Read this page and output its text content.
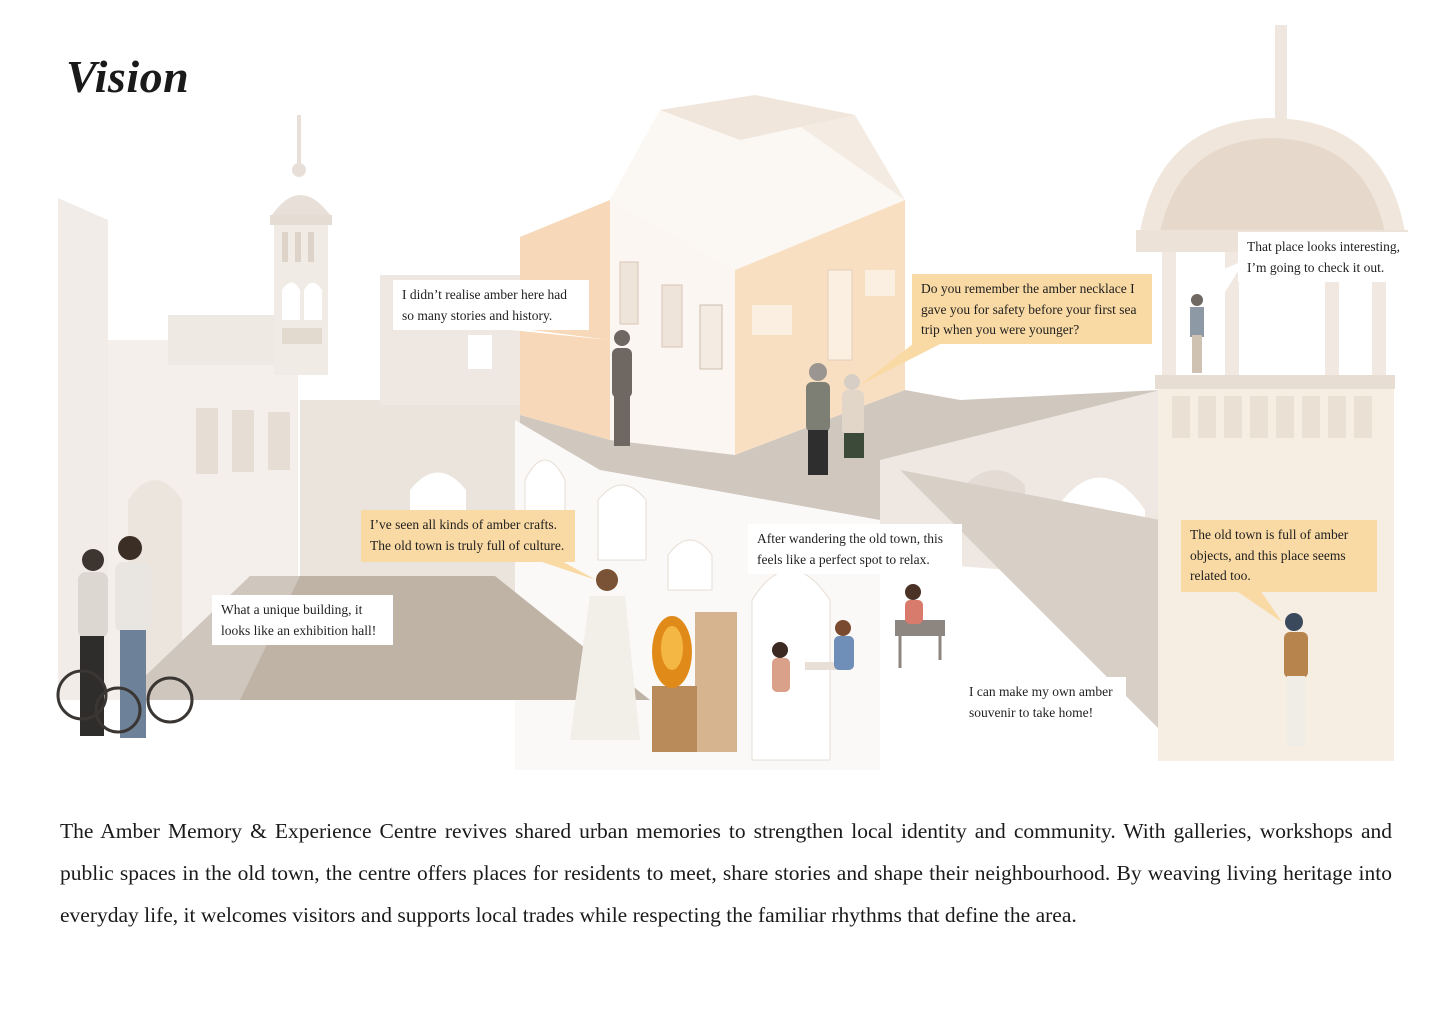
Vision
I didn’t realise amber here had
so many stories and history.
Do you remember the amber necklace I
gave you for safety before your first sea
trip when you were younger?
That place looks interesting,
I’m going to check it out.
I’ve seen all kinds of amber crafts.
The old town is truly full of culture.	After wandering the old town, this
feels like a perfect spot to relax.
The old town is full of amber
objects, and this place seems
related too.
What a unique building, it
looks like an exhibition hall!
I can make my own amber
souvenir to take home!

The Amber Memory & Experience Centre revives shared urban memories to strengthen local identity and community. With galleries, workshops and public spaces in the old town, the centre offers places for residents to meet, share stories and shape their neighbourhood. By weaving living heritage into everyday life, it welcomes visitors and supports local trades while respecting the familiar rhythms that define the area.
